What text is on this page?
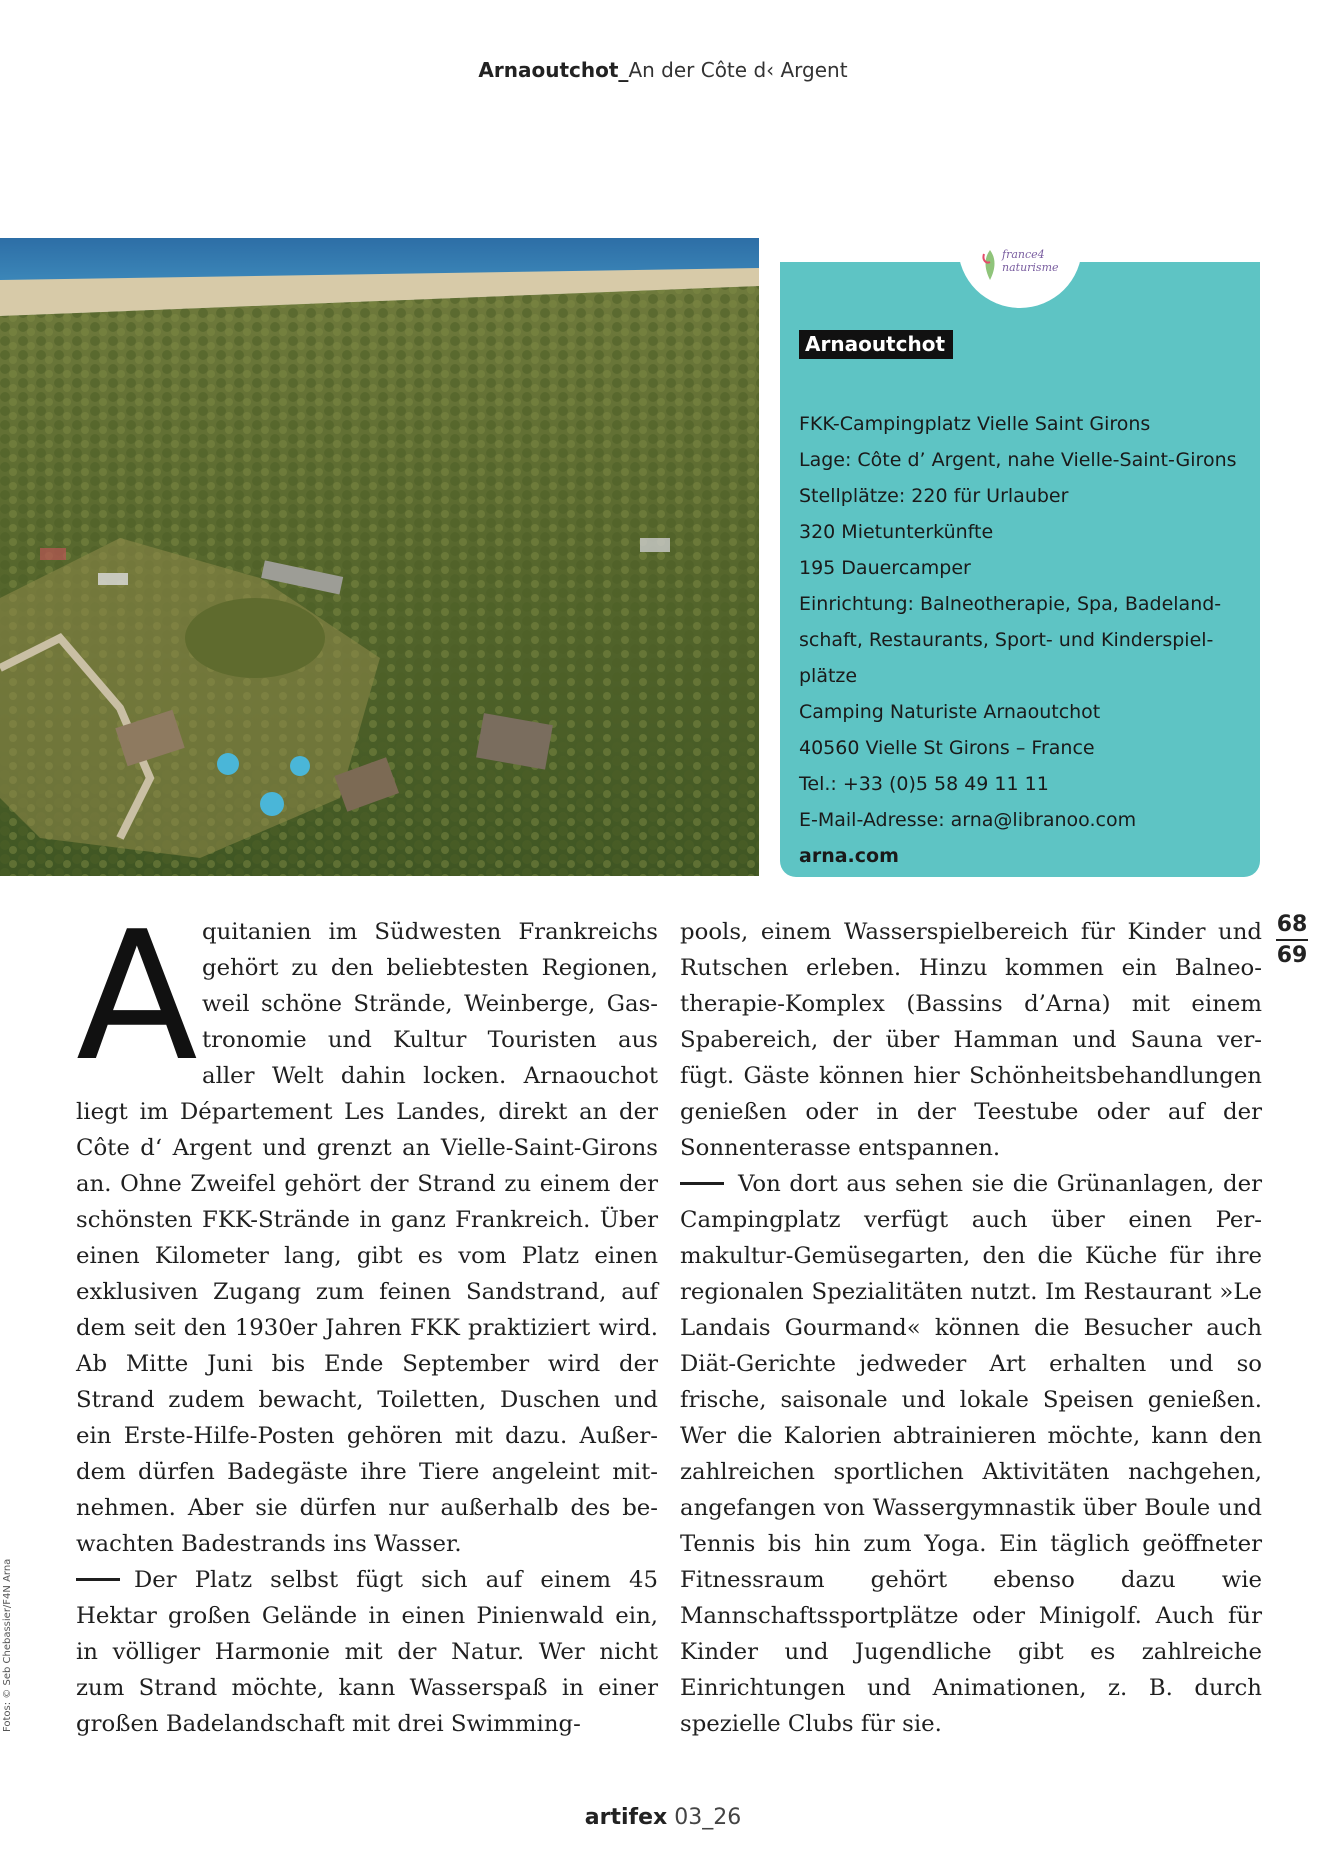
Arnaoutchot_An der Côte d‹ Argent
france4
naturisme
Arnaoutchot
FKK-Campingplatz Vielle Saint Girons
Lage: Côte d’ Argent, nahe Vielle-Saint-Girons
Stellplätze: 220 für Urlauber
320 Mietunterkünfte
195 Dauercamper
Einrichtung: Balneotherapie, Spa, Badeland-
schaft, Restaurants, Sport- und Kinderspiel-
plätze
Camping Naturiste Arnaoutchot
40560 Vielle St Girons – France
Tel.: +33 (0)5 58 49 11 11
E-Mail-Adresse: arna@libranoo.com
arna.com

Aquitanien im Südwesten Frankreichs gehört zu den beliebtesten Regionen, weil schöne Strände, Weinberge, Gastronomie und Kultur Touristen aus aller Welt dahin locken. Arnaouchot liegt im Département Les Landes, direkt an der Côte d‘ Argent und grenzt an Vielle-Saint-Girons an. Ohne Zweifel gehört der Strand zu einem der schönsten FKK-Strände in ganz Frankreich. Über einen Kilometer lang, gibt es vom Platz einen exklusiven Zugang zum feinen Sandstrand, auf dem seit den 1930er Jahren FKK praktiziert wird. Ab Mitte Juni bis Ende September wird der Strand zudem bewacht, Toiletten, Duschen und ein Erste-Hilfe-Posten gehören mit dazu. Außerdem dürfen Badegäste ihre Tiere angeleint mitnehmen. Aber sie dürfen nur außerhalb des bewachten Badestrands ins Wasser.

Der Platz selbst fügt sich auf einem 45 Hektar großen Gelände in einen Pinienwald ein, in völliger Harmonie mit der Natur. Wer nicht zum Strand möchte, kann Wasserspaß in einer großen Badelandschaft mit drei Swimming-

pools, einem Wasserspielbereich für Kinder und Rutschen erleben. Hinzu kommen ein Balneotherapie-Komplex (Bassins d’Arna) mit einem Spabereich, der über Hamman und Sauna verfügt. Gäste können hier Schönheitsbehandlungen genießen oder in der Teestube oder auf der Sonnenterasse entspannen.

Von dort aus sehen sie die Grünanlagen, der Campingplatz verfügt auch über einen Permakultur-Gemüsegarten, den die Küche für ihre regionalen Spezialitäten nutzt. Im Restaurant »Le Landais Gourmand« können die Besucher auch Diät-Gerichte jedweder Art erhalten und so frische, saisonale und lokale Speisen genießen. Wer die Kalorien abtrainieren möchte, kann den zahlreichen sportlichen Aktivitäten nachgehen, angefangen von Wassergymnastik über Boule und Tennis bis hin zum Yoga. Ein täglich geöffneter Fitnessraum gehört ebenso dazu wie Mannschaftssportplätze oder Minigolf. Auch für Kinder und Jugendliche gibt es zahlreiche Einrichtungen und Animationen, z. B. durch spezielle Clubs für sie.

68
69
Fotos: © Seb Chebassier/F4N Arna
artifex 03_26
